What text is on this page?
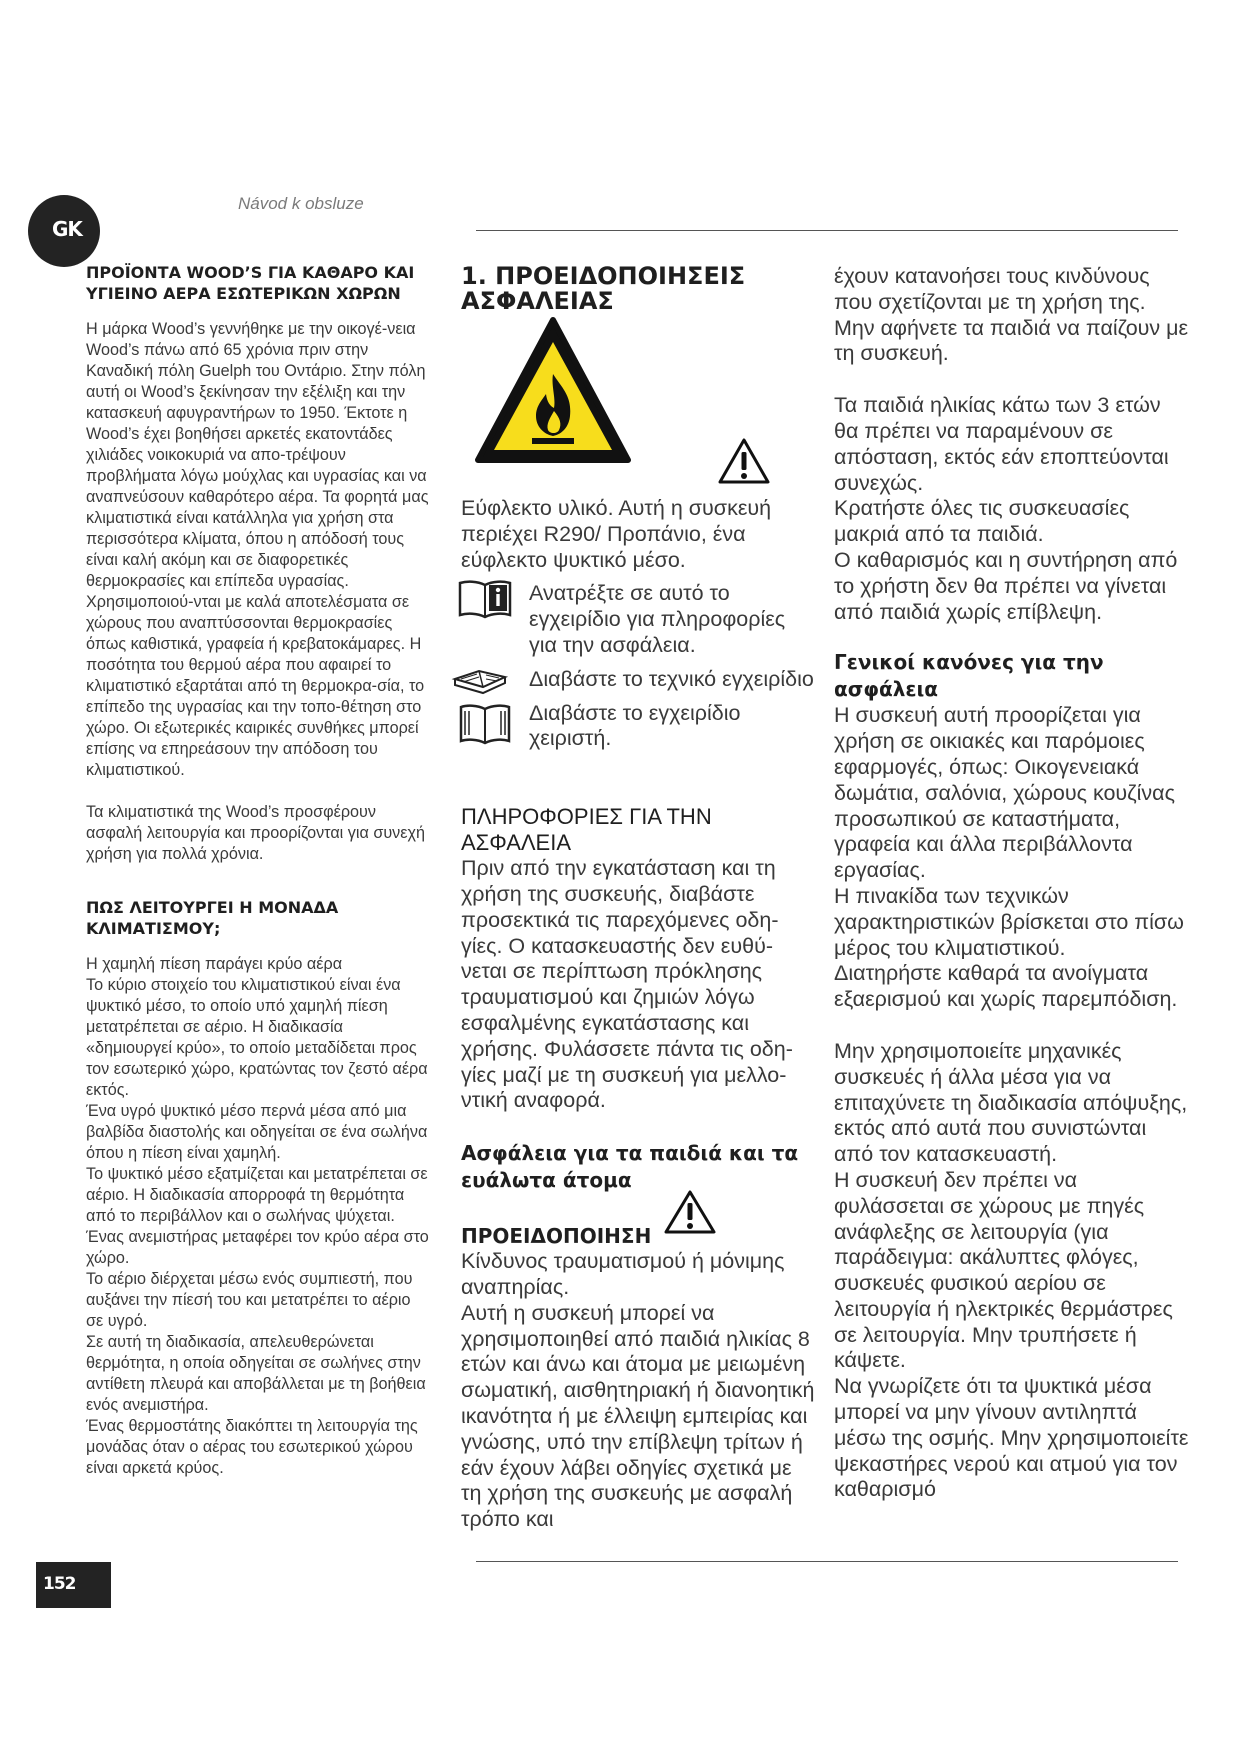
GK
Návod k obsluze

ΠΡΟΪΟΝΤΑ WOOD’S ΓΙΑ ΚΑΘΑΡΟ ΚΑΙ ΥΓΙΕΙΝΟ ΑΕΡΑ ΕΣΩΤΕΡΙΚΩΝ ΧΩΡΩΝ

Η μάρκα Wood’s γεννήθηκε με την οικογέ-νεια Wood’s πάνω από 65 χρόνια πριν στην Καναδική πόλη Guelph του Οντάριο. Στην πόλη αυτή οι Wood’s ξεκίνησαν την εξέλιξη και την κατασκευή αφυγραντήρων το 1950. Έκτοτε η Wood’s έχει βοηθήσει αρκετές εκατοντάδες χιλιάδες νοικοκυριά να απο-τρέψουν προβλήματα λόγω μούχλας και υγρασίας και να αναπνεύσουν καθαρότερο αέρα. Τα φορητά μας κλιματιστικά είναι κατάλληλα για χρήση στα περισσότερα κλίματα, όπου η απόδοσή τους είναι καλή ακόμη και σε διαφορετικές θερμοκρασίες και επίπεδα υγρασίας. Χρησιμοποιού-νται με καλά αποτελέσματα σε χώρους που αναπτύσσονται θερμοκρασίες όπως καθιστικά, γραφεία ή κρεβατοκάμαρες. Η ποσότητα του θερμού αέρα που αφαιρεί το κλιματιστικό εξαρτάται από τη θερμοκρα-σία, το επίπεδο της υγρασίας και την τοπο-θέτηση στο χώρο. Οι εξωτερικές καιρικές συνθήκες μπορεί επίσης να επηρεάσουν την απόδοση του κλιματιστικού.

Τα κλιματιστικά της Wood’s προσφέρουν ασφαλή λειτουργία και προορίζονται για συνεχή χρήση για πολλά χρόνια.

ΠΩΣ ΛΕΙΤΟΥΡΓΕΙ Η ΜΟΝΑΔΑ ΚΛΙΜΑΤΙΣΜΟΥ;

Η χαμηλή πίεση παράγει κρύο αέρα

Το κύριο στοιχείο του κλιματιστικού είναι ένα ψυκτικό μέσο, το οποίο υπό χαμηλή πίεση μετατρέπεται σε αέριο. Η διαδικασία «δημιουργεί κρύο», το οποίο μεταδίδεται προς τον εσωτερικό χώρο, κρατώντας τον ζεστό αέρα εκτός.

Ένα υγρό ψυκτικό μέσο περνά μέσα από μια βαλβίδα διαστολής και οδηγείται σε ένα σωλήνα όπου η πίεση είναι χαμηλή.

Το ψυκτικό μέσο εξατμίζεται και μετατρέπεται σε αέριο. Η διαδικασία απορροφά τη θερμότητα από το περιβάλλον και ο σωλήνας ψύχεται.

Ένας ανεμιστήρας μεταφέρει τον κρύο αέρα στο χώρο.

Το αέριο διέρχεται μέσω ενός συμπιεστή, που αυξάνει την πίεσή του και μετατρέπει το αέριο σε υγρό.

Σε αυτή τη διαδικασία, απελευθερώνεται θερμότητα, η οποία οδηγείται σε σωλήνες στην αντίθετη πλευρά και αποβάλλεται με τη βοήθεια ενός ανεμιστήρα.

Ένας θερμοστάτης διακόπτει τη λειτουργία της μονάδας όταν ο αέρας του εσωτερικού χώρου είναι αρκετά κρύος.

1. ΠΡΟΕΙΔΟΠΟΙΗΣΕΙΣ ΑΣΦΑΛΕΙΑΣ

Εύφλεκτο υλικό. Αυτή η συσκευή περιέχει R290/ Προπάνιο, ένα εύφλεκτο ψυκτικό μέσο.

Ανατρέξτε σε αυτό το εγχειρίδιο για πληροφορίες για την ασφάλεια.

Διαβάστε το τεχνικό εγχειρίδιο

Διαβάστε το εγχειρίδιο χειριστή.

ΠΛΗΡΟΦΟΡΙΕΣ ΓΙΑ ΤΗΝ ΑΣΦΑΛΕΙΑ

Πριν από την εγκατάσταση και τη χρήση της συσκευής, διαβάστε προσεκτικά τις παρεχόμενες οδη-γίες. Ο κατασκευαστής δεν ευθύ-νεται σε περίπτωση πρόκλησης τραυματισμού και ζημιών λόγω εσφαλμένης εγκατάστασης και χρήσης. Φυλάσσετε πάντα τις οδη-γίες μαζί με τη συσκευή για μελλο-ντική αναφορά.

Ασφάλεια για τα παιδιά και τα ευάλωτα άτομα

ΠΡΟΕΙΔΟΠΟΙΗΣΗ

Κίνδυνος τραυματισμού ή μόνιμης αναπηρίας.

Αυτή η συσκευή μπορεί να χρησιμοποιηθεί από παιδιά ηλικίας 8 ετών και άνω και άτομα με μειωμένη σωματική, αισθητηριακή ή διανοητική ικανότητα ή με έλλειψη εμπειρίας και γνώσης, υπό την επίβλεψη τρίτων ή εάν έχουν λάβει οδηγίες σχετικά με τη χρήση της συσκευής με ασφαλή τρόπο και

έχουν κατανοήσει τους κινδύνους που σχετίζονται με τη χρήση της. Μην αφήνετε τα παιδιά να παίζουν με τη συσκευή.

Τα παιδιά ηλικίας κάτω των 3 ετών θα πρέπει να παραμένουν σε απόσταση, εκτός εάν εποπτεύονται συνεχώς.

Κρατήστε όλες τις συσκευασίες μακριά από τα παιδιά.

Ο καθαρισμός και η συντήρηση από το χρήστη δεν θα πρέπει να γίνεται από παιδιά χωρίς επίβλεψη.

Γενικοί κανόνες για την ασφάλεια

Η συσκευή αυτή προορίζεται για χρήση σε οικιακές και παρόμοιες εφαρμογές, όπως: Οικογενειακά δωμάτια, σαλόνια, χώρους κουζίνας προσωπικού σε καταστήματα, γραφεία και άλλα περιβάλλοντα εργασίας.

Η πινακίδα των τεχνικών χαρακτηριστικών βρίσκεται στο πίσω μέρος του κλιματιστικού.

Διατηρήστε καθαρά τα ανοίγματα εξαερισμού και χωρίς παρεμπόδιση.

Μην χρησιμοποιείτε μηχανικές συσκευές ή άλλα μέσα για να επιταχύνετε τη διαδικασία απόψυξης, εκτός από αυτά που συνιστώνται από τον κατασκευαστή.

Η συσκευή δεν πρέπει να φυλάσσεται σε χώρους με πηγές ανάφλεξης σε λειτουργία (για παράδειγμα: ακάλυπτες φλόγες, συσκευές φυσικού αερίου σε λειτουργία ή ηλεκτρικές θερμάστρες σε λειτουργία. Μην τρυπήσετε ή κάψετε.

Να γνωρίζετε ότι τα ψυκτικά μέσα μπορεί να μην γίνουν αντιληπτά μέσω της οσμής. Μην χρησιμοποιείτε ψεκαστήρες νερού και ατμού για τον καθαρισμό

152
